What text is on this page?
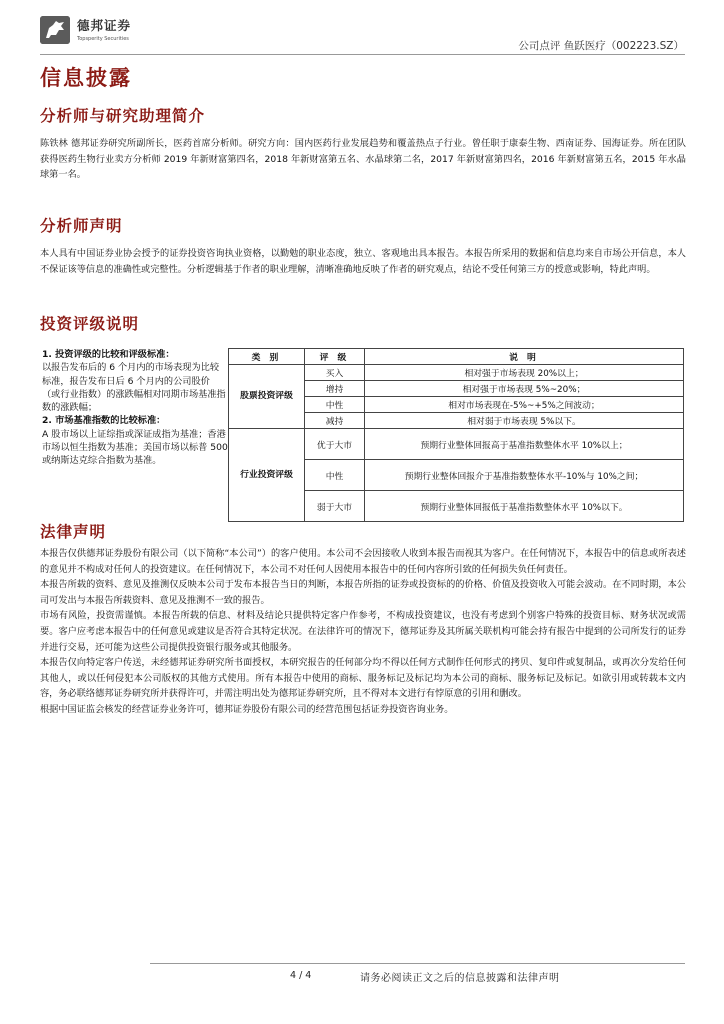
德邦证券
Topsperity Securities
公司点评 鱼跃医疗（002223.SZ）
信息披露
分析师与研究助理简介
陈铁林 德邦证券研究所副所长，医药首席分析师。研究方向：国内医药行业发展趋势和覆盖热点子行业。曾任职于康泰生物、西南证券、国海证券。所在团队获得医药生物行业卖方分析师 2019 年新财富第四名，2018 年新财富第五名、水晶球第二名，2017 年新财富第四名，2016 年新财富第五名，2015 年水晶球第一名。
分析师声明
本人具有中国证券业协会授予的证券投资咨询执业资格，以勤勉的职业态度，独立、客观地出具本报告。本报告所采用的数据和信息均来自市场公开信息，本人不保证该等信息的准确性或完整性。分析逻辑基于作者的职业理解，清晰准确地反映了作者的研究观点，结论不受任何第三方的授意或影响，特此声明。
投资评级说明
1. 投资评级的比较和评级标准：
以报告发布后的 6 个月内的市场表现为比较标准，报告发布日后 6 个月内的公司股价（或行业指数）的涨跌幅相对同期市场基准指数的涨跌幅；
2. 市场基准指数的比较标准：
A 股市场以上证综指或深证成指为基准；香港市场以恒生指数为基准；美国市场以标普 500 或纳斯达克综合指数为基准。
类 别	评 级	说 明
股票投资评级	买入	相对强于市场表现 20%以上；
	增持	相对强于市场表现 5%~20%；
	中性	相对市场表现在-5%~+5%之间波动；
	减持	相对弱于市场表现 5%以下。
行业投资评级	优于大市	预期行业整体回报高于基准指数整体水平 10%以上；
	中性	预期行业整体回报介于基准指数整体水平-10%与 10%之间；
	弱于大市	预期行业整体回报低于基准指数整体水平 10%以下。
法律声明
本报告仅供德邦证券股份有限公司（以下简称“本公司”）的客户使用。本公司不会因接收人收到本报告而视其为客户。在任何情况下，本报告中的信息或所表述的意见并不构成对任何人的投资建议。在任何情况下，本公司不对任何人因使用本报告中的任何内容所引致的任何损失负任何责任。
本报告所载的资料、意见及推测仅反映本公司于发布本报告当日的判断，本报告所指的证券或投资标的的价格、价值及投资收入可能会波动。在不同时期，本公司可发出与本报告所载资料、意见及推测不一致的报告。
市场有风险，投资需谨慎。本报告所载的信息、材料及结论只提供特定客户作参考，不构成投资建议，也没有考虑到个别客户特殊的投资目标、财务状况或需要。客户应考虑本报告中的任何意见或建议是否符合其特定状况。在法律许可的情况下，德邦证券及其所属关联机构可能会持有报告中提到的公司所发行的证券并进行交易，还可能为这些公司提供投资银行服务或其他服务。
本报告仅向特定客户传送，未经德邦证券研究所书面授权，本研究报告的任何部分均不得以任何方式制作任何形式的拷贝、复印件或复制品，或再次分发给任何其他人，或以任何侵犯本公司版权的其他方式使用。所有本报告中使用的商标、服务标记及标记均为本公司的商标、服务标记及标记。如欲引用或转载本文内容，务必联络德邦证券研究所并获得许可，并需注明出处为德邦证券研究所，且不得对本文进行有悖原意的引用和删改。
根据中国证监会核发的经营证券业务许可，德邦证券股份有限公司的经营范围包括证券投资咨询业务。
4 / 4	请务必阅读正文之后的信息披露和法律声明
